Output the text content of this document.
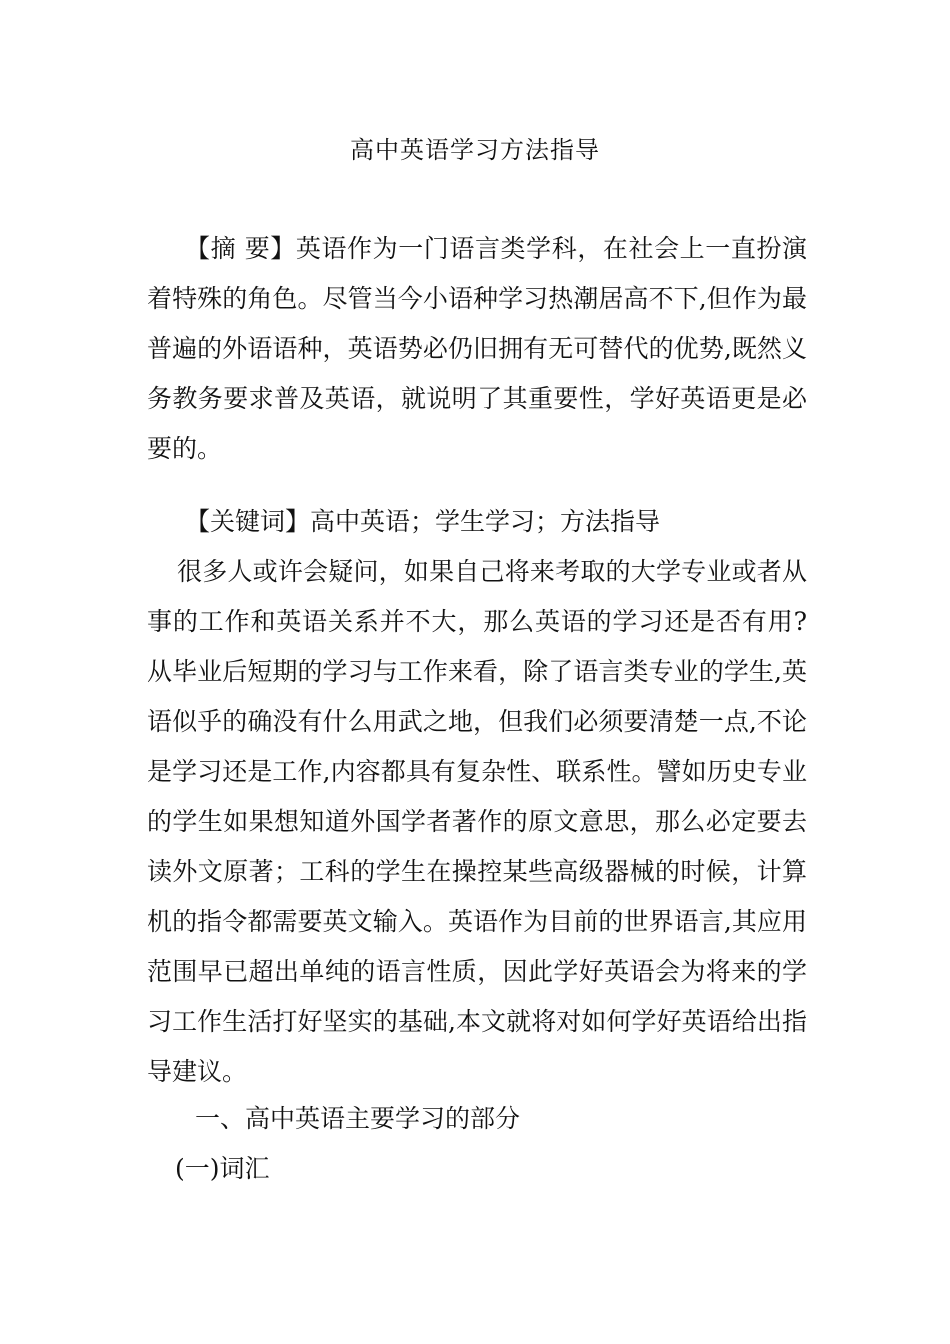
高中英语学习方法指导
【摘 要】英语作为一门语言类学科，在社会上一直扮演着特殊的角色。尽管当今小语种学习热潮居高不下,但作为最普遍的外语语种，英语势必仍旧拥有无可替代的优势,既然义务教务要求普及英语，就说明了其重要性，学好英语更是必要的。
【关键词】高中英语；学生学习；方法指导
很多人或许会疑问，如果自己将来考取的大学专业或者从事的工作和英语关系并不大，那么英语的学习还是否有用?从毕业后短期的学习与工作来看，除了语言类专业的学生,英语似乎的确没有什么用武之地，但我们必须要清楚一点,不论是学习还是工作,内容都具有复杂性、联系性。譬如历史专业的学生如果想知道外国学者著作的原文意思，那么必定要去读外文原著；工科的学生在操控某些高级器械的时候，计算机的指令都需要英文输入。英语作为目前的世界语言,其应用范围早已超出单纯的语言性质，因此学好英语会为将来的学习工作生活打好坚实的基础,本文就将对如何学好英语给出指导建议。
一、高中英语主要学习的部分
(一)词汇
